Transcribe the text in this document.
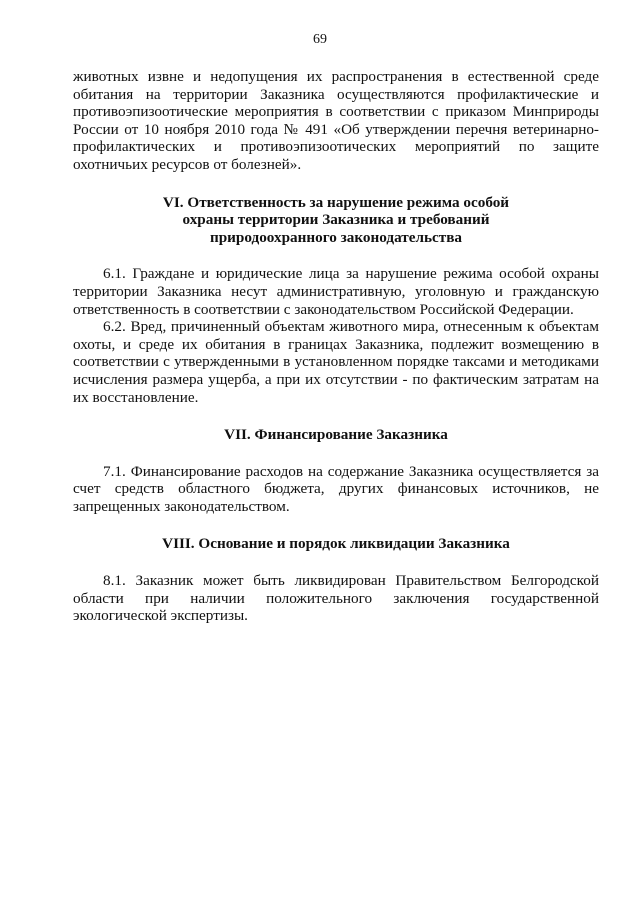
69

животных извне и недопущения их распространения в естественной среде обитания на территории Заказника осуществляются профилактические и противоэпизоотические мероприятия в соответствии с приказом Минприроды России от 10 ноября 2010 года № 491 «Об утверждении перечня ветеринарно-профилактических и противоэпизоотических мероприятий по защите охотничьих ресурсов от болезней».

VI. Ответственность за нарушение режима особой
охраны территории Заказника и требований
природоохранного законодательства

6.1. Граждане и юридические лица за нарушение режима особой охраны территории Заказника несут административную, уголовную и гражданскую ответственность в соответствии с законодательством Российской Федерации.

6.2. Вред, причиненный объектам животного мира, отнесенным к объектам охоты, и среде их обитания в границах Заказника, подлежит возмещению в соответствии с утвержденными в установленном порядке таксами и методиками исчисления размера ущерба, а при их отсутствии - по фактическим затратам на их восстановление.

VII. Финансирование Заказника

7.1. Финансирование расходов на содержание Заказника осуществляется за счет средств областного бюджета, других финансовых источников, не запрещенных законодательством.

VIII. Основание и порядок ликвидации Заказника

8.1. Заказник может быть ликвидирован Правительством Белгородской области при наличии положительного заключения государственной экологической экспертизы.
